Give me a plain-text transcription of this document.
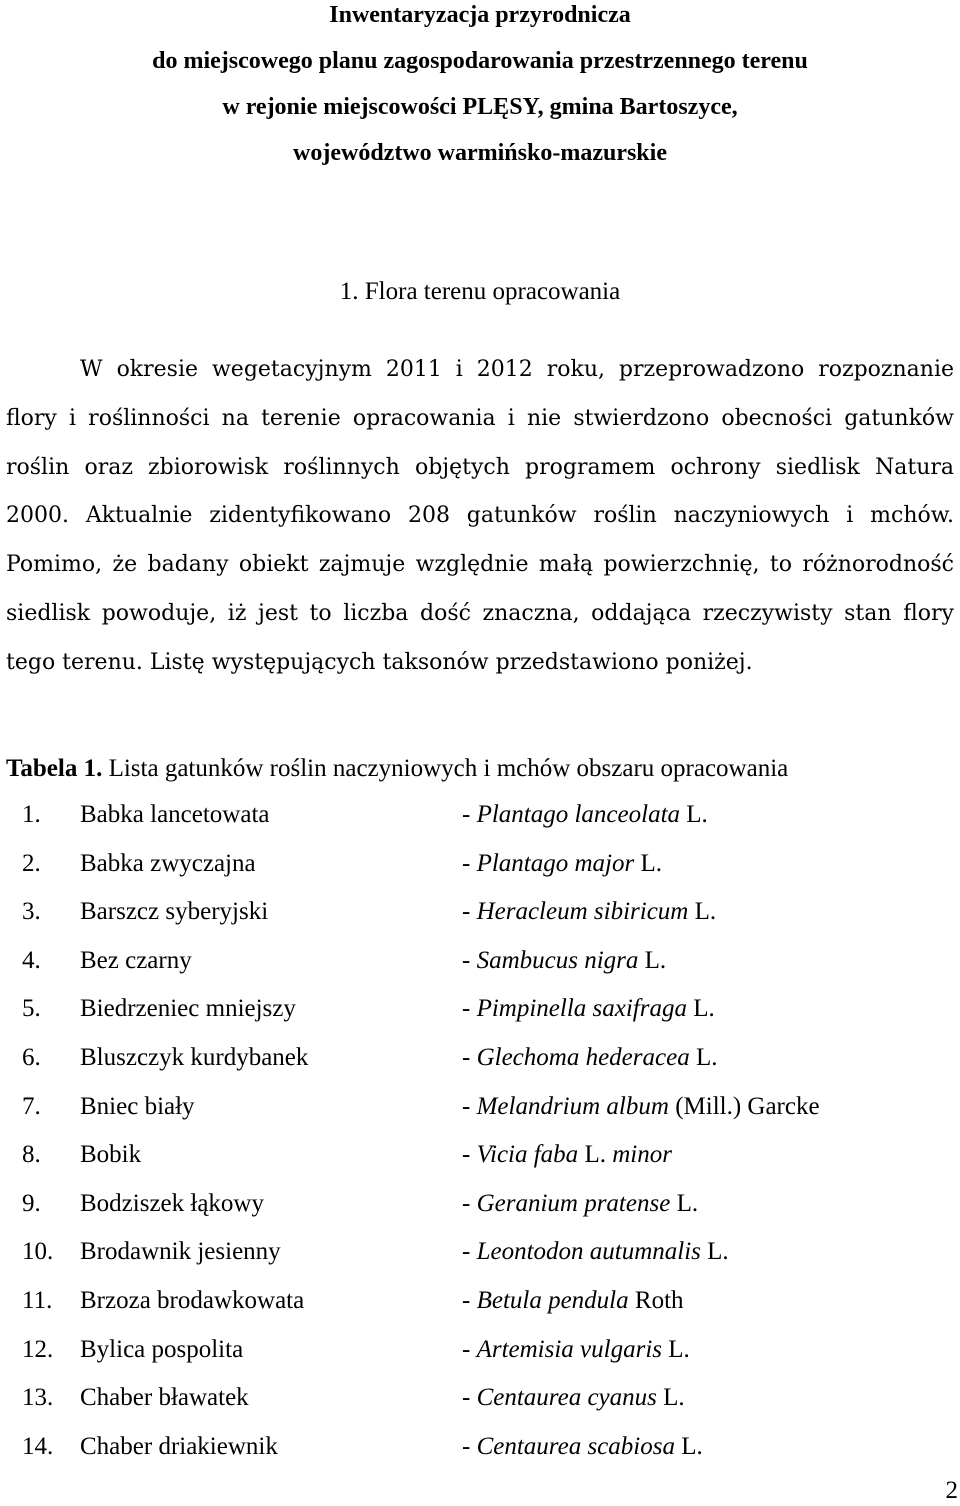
Inwentaryzacja przyrodnicza
do miejscowego planu zagospodarowania przestrzennego terenu
w rejonie miejscowości PLĘSY, gmina Bartoszyce,
województwo warmińsko-mazurskie
1. Flora terenu opracowania

W okresie wegetacyjnym 2011 i 2012 roku, przeprowadzono rozpoznanie flory i roślinności na terenie opracowania i nie stwierdzono obecności gatunków roślin oraz zbiorowisk roślinnych objętych programem ochrony siedlisk Natura 2000. Aktualnie zidentyfikowano 208 gatunków roślin naczyniowych i mchów. Pomimo, że badany obiekt zajmuje względnie małą powierzchnię, to różnorodność siedlisk powoduje, iż jest to liczba dość znaczna, oddająca rzeczywisty stan flory tego terenu. Listę występujących taksonów przedstawiono poniżej.

Tabela 1. Lista gatunków roślin naczyniowych i mchów obszaru opracowania
1.	Babka lancetowata	- Plantago lanceolata L.
2.	Babka zwyczajna	- Plantago major L.
3.	Barszcz syberyjski	- Heracleum sibiricum L.
4.	Bez czarny	- Sambucus nigra L.
5.	Biedrzeniec mniejszy	- Pimpinella saxifraga L.
6.	Bluszczyk kurdybanek	- Glechoma hederacea L.
7.	Bniec biały	- Melandrium album (Mill.) Garcke
8.	Bobik	- Vicia faba L. minor
9.	Bodziszek łąkowy	- Geranium pratense L.
10.	Brodawnik jesienny	- Leontodon autumnalis L.
11.	Brzoza brodawkowata	- Betula pendula Roth
12.	Bylica pospolita	- Artemisia vulgaris L.
13.	Chaber bławatek	- Centaurea cyanus L.
14.	Chaber driakiewnik	- Centaurea scabiosa L.
2
